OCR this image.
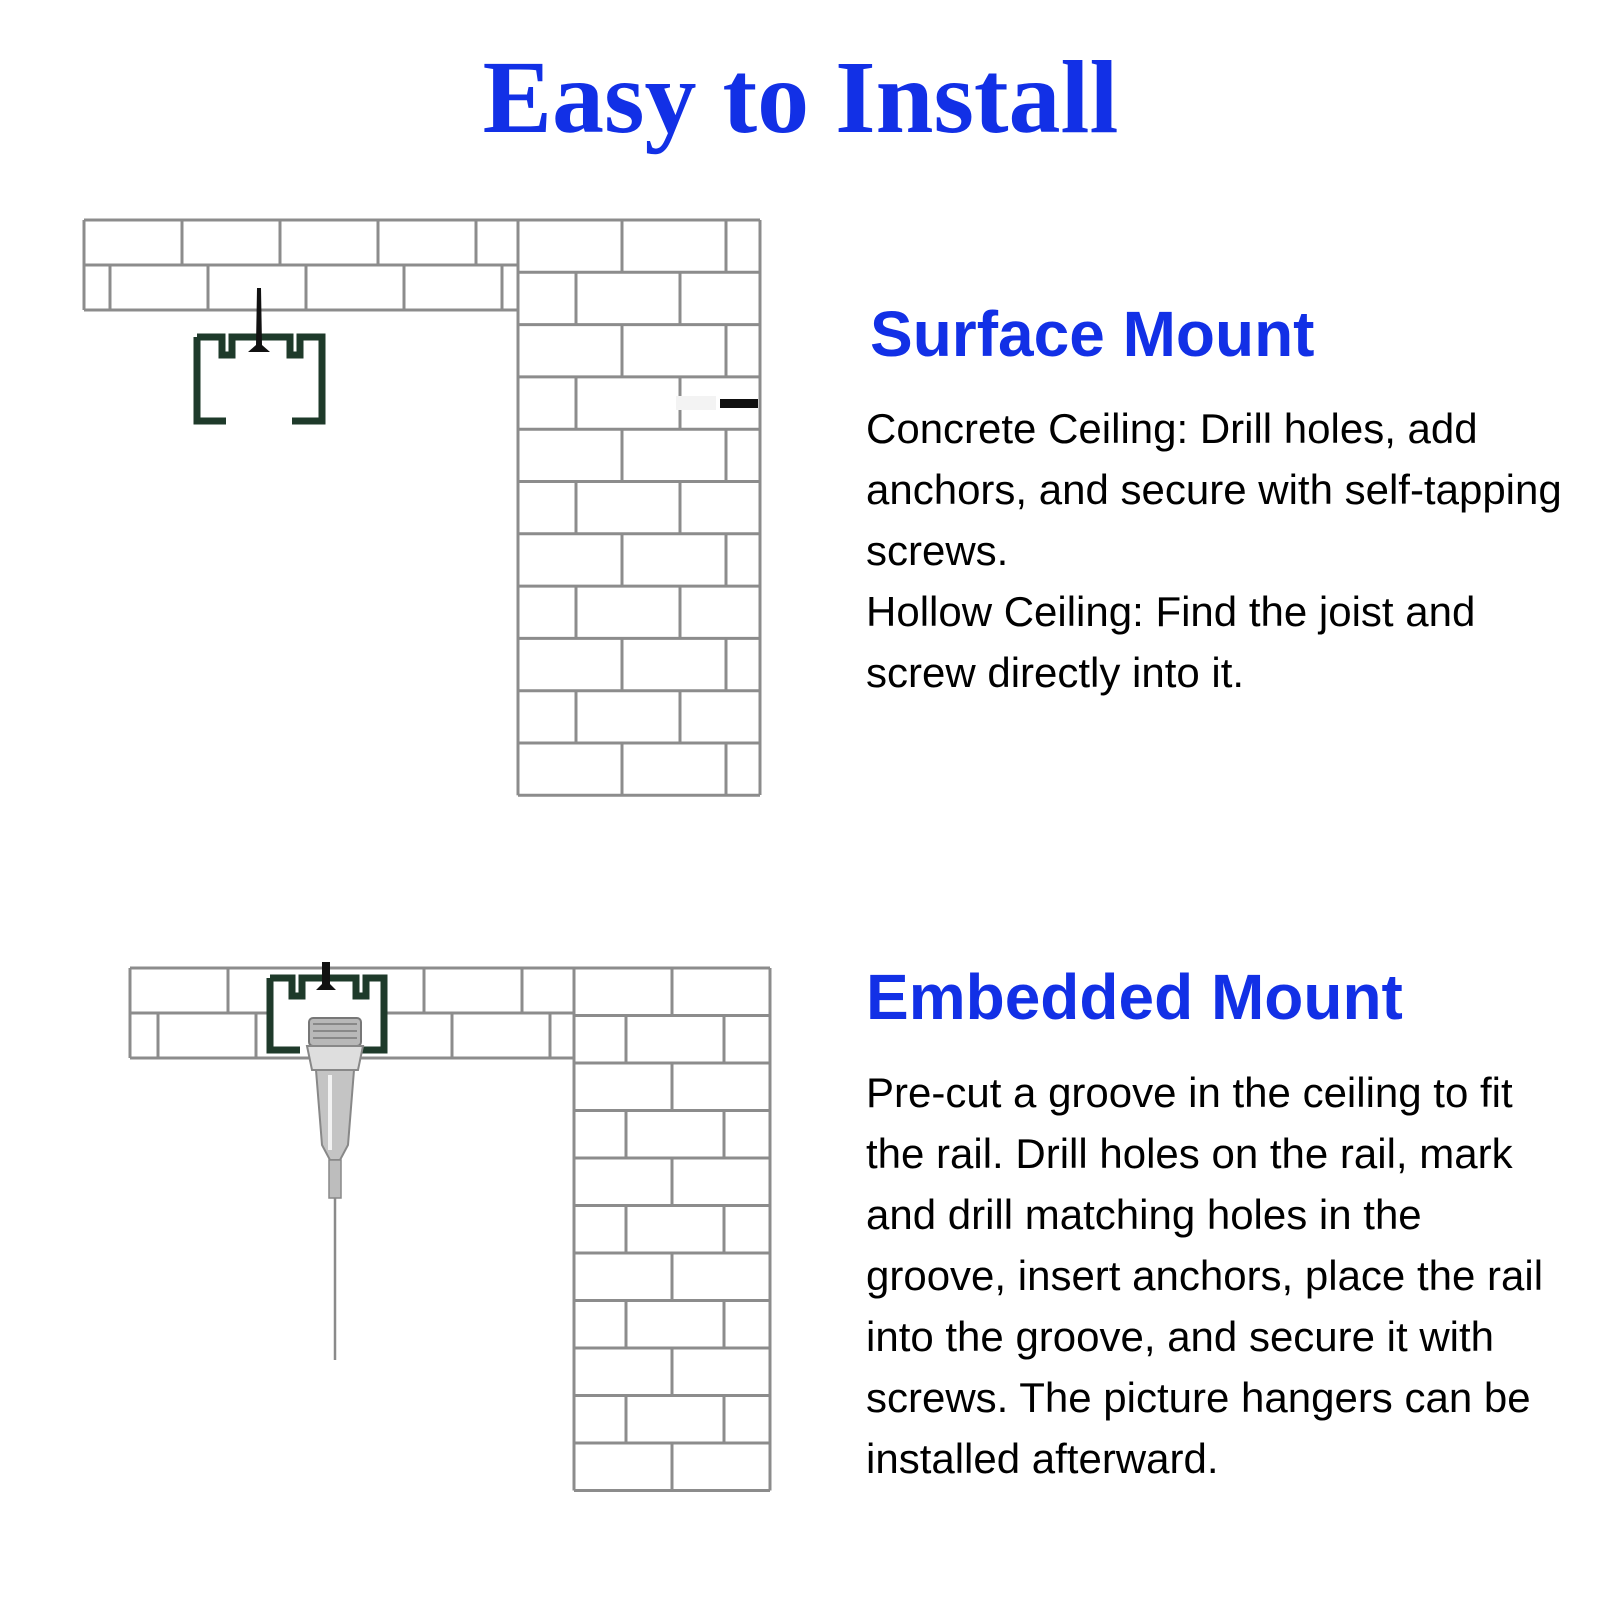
Easy to Install
Surface Mount

Concrete Ceiling: Drill holes, add anchors, and secure with self-tapping screws.

Hollow Ceiling: Find the joist and screw directly into it.

Embedded Mount

Pre-cut a groove in the ceiling to fit the rail. Drill holes on the rail, mark and drill matching holes in the groove, insert anchors, place the rail into the groove, and secure it with screws. The picture hangers can be installed afterward.
